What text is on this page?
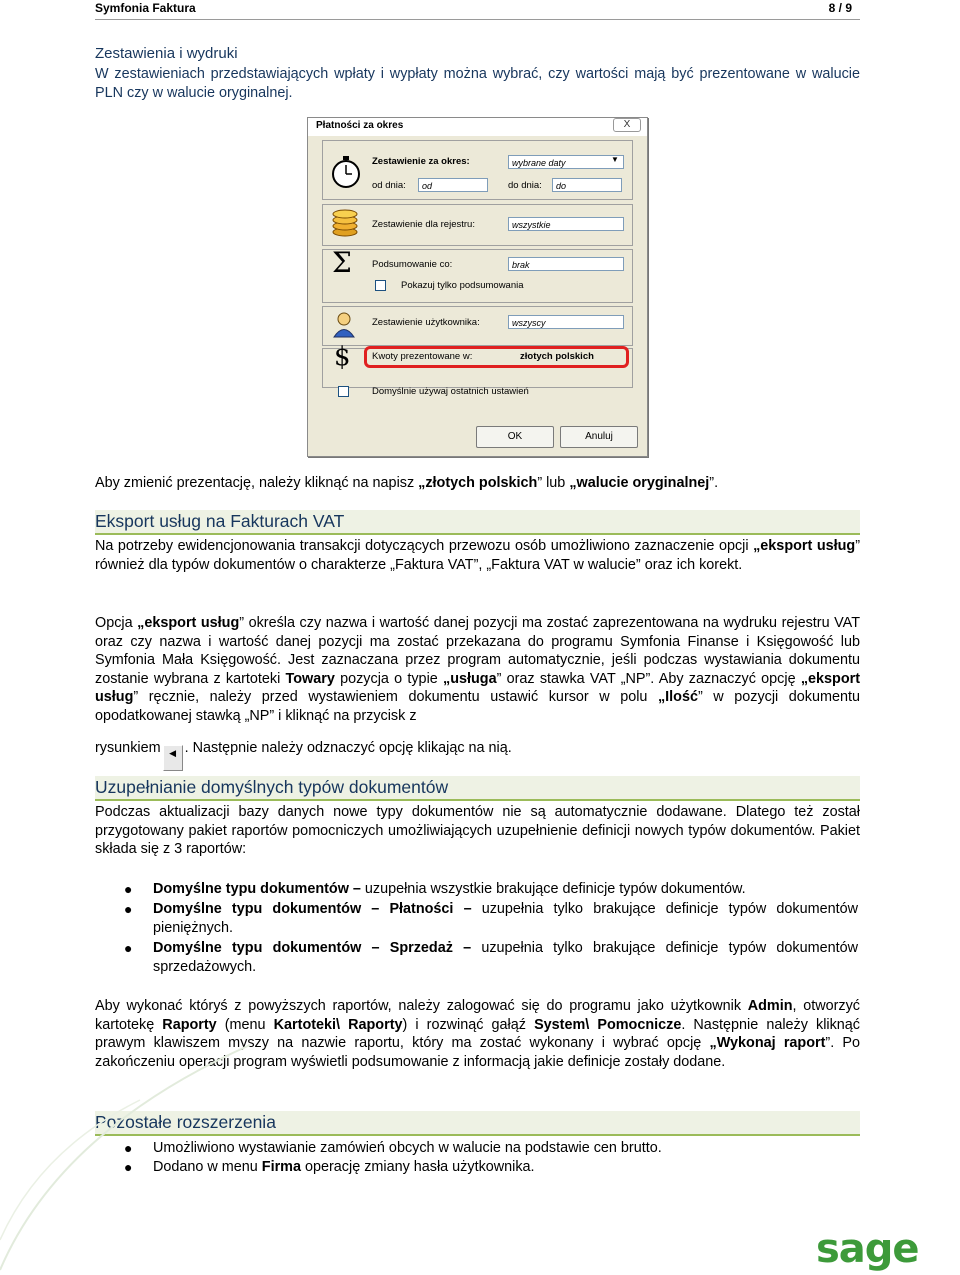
Symfonia Faktura	8 / 9
Zestawienia i wydruki
W zestawieniach przedstawiających wpłaty i wypłaty można wybrać, czy wartości mają być prezentowane w walucie PLN czy w walucie oryginalnej.
Płatności za okres	X
Zestawienie za okres:	wybrane daty	▼
od dnia:	od	do dnia:	do
Zestawienie dla rejestru:	wszystkie
Σ Podsumowanie co:	brak
Pokazuj tylko podsumowania
Zestawienie użytkownika:	wszyscy
$ Kwoty prezentowane w:	złotych polskich
Domyślnie używaj ostatnich ustawień
OK	Anuluj
Aby zmienić prezentację, należy kliknąć na napisz „złotych polskich” lub „walucie oryginalnej”.
Eksport usług na Fakturach VAT
Na potrzeby ewidencjonowania transakcji dotyczących przewozu osób umożliwiono zaznaczenie opcji „eksport usług” również dla typów dokumentów o charakterze „Faktura VAT”, „Faktura VAT w walucie” oraz ich korekt.
Opcja „eksport usług” określa czy nazwa i wartość danej pozycji ma zostać zaprezentowana na wydruku rejestru VAT oraz czy nazwa i wartość danej pozycji ma zostać przekazana do programu Symfonia Finanse i Księgowość lub Symfonia Mała Księgowość. Jest zaznaczana przez program automatycznie, jeśli podczas wystawiania dokumentu zostanie wybrana z kartoteki Towary pozycja o typie „usługa” oraz stawka VAT „NP”. Aby zaznaczyć opcję „eksport usług” ręcznie, należy przed wystawieniem dokumentu ustawić kursor w polu „Ilość” w pozycji dokumentu opodatkowanej stawką „NP” i kliknąć na przycisk z
rysunkiem ◀ . Następnie należy odznaczyć opcję klikając na nią.
Uzupełnianie domyślnych typów dokumentów
Podczas aktualizacji bazy danych nowe typy dokumentów nie są automatycznie dodawane. Dlatego też został przygotowany pakiet raportów pomocniczych umożliwiających uzupełnienie definicji nowych typów dokumentów. Pakiet składa się z 3 raportów:
● Domyślne typu dokumentów – uzupełnia wszystkie brakujące definicje typów dokumentów.
● Domyślne typu dokumentów – Płatności – uzupełnia tylko brakujące definicje typów dokumentów pieniężnych.
● Domyślne typu dokumentów – Sprzedaż – uzupełnia tylko brakujące definicje typów dokumentów sprzedażowych.
Aby wykonać któryś z powyższych raportów, należy zalogować się do programu jako użytkownik Admin, otworzyć kartotekę Raporty (menu Kartoteki\ Raporty) i rozwinąć gałąź System\ Pomocnicze. Następnie należy kliknąć prawym klawiszem myszy na nazwie raportu, który ma zostać wykonany i wybrać opcję „Wykonaj raport”. Po zakończeniu operacji program wyświetli podsumowanie z informacją jakie definicje zostały dodane.
Pozostałe rozszerzenia
● Umożliwiono wystawianie zamówień obcych w walucie na podstawie cen brutto.
● Dodano w menu Firma operację zmiany hasła użytkownika.
sage
